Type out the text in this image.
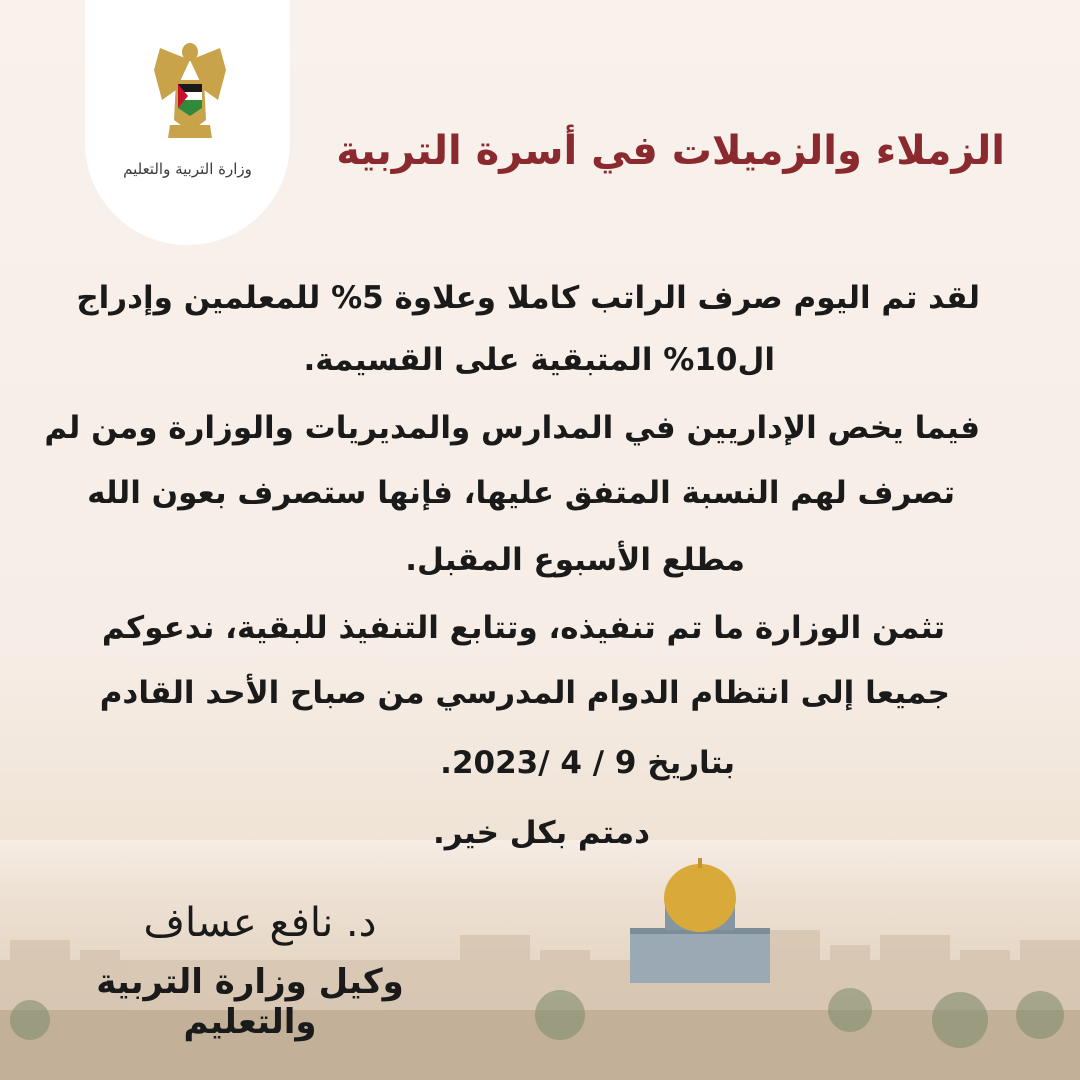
وزارة التربية والتعليم	الزملاء والزميلات في أسرة التربية
لقد تم اليوم صرف الراتب كاملا وعلاوة 5% للمعلمين وإدراج
ال10% المتبقية على القسيمة.
فيما يخص الإداريين في المدارس والمديريات والوزارة ومن لم
تصرف لهم النسبة المتفق عليها، فإنها ستصرف بعون الله
مطلع الأسبوع المقبل.
تثمن الوزارة ما تم تنفيذه، وتتابع التنفيذ للبقية، ندعوكم
جميعا إلى انتظام الدوام المدرسي من صباح الأحد القادم
بتاريخ 9 / 4 /2023.
دمتم بكل خير.
د. نافع عساف
وكيل وزارة التربية والتعليم
